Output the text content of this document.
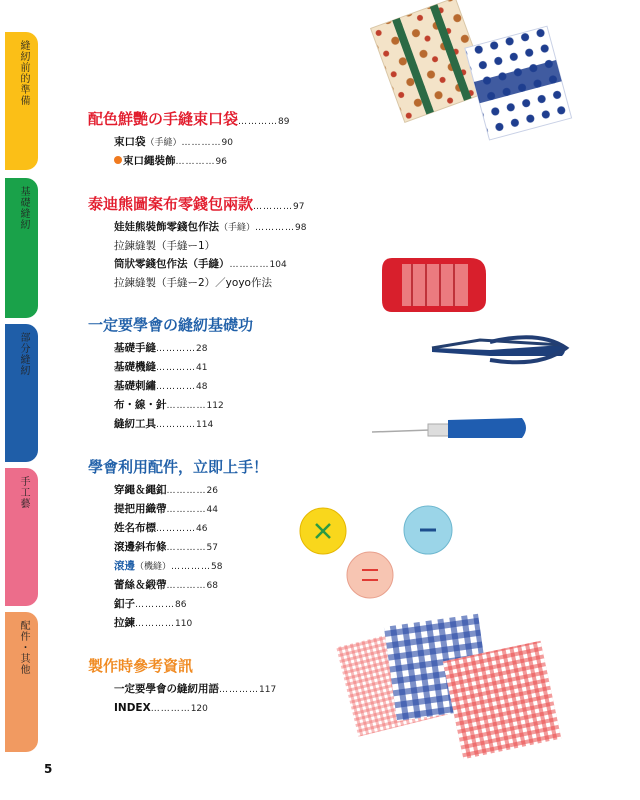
縫紉前的準備
基礎縫紉
部分縫紉
手工藝
配件・其他
5
配色鮮艷の手縫束口袋…………89
束口袋（手縫）…………90
束口繩裝飾…………96
泰迪熊圖案布零錢包兩款…………97
娃娃熊裝飾零錢包作法（手縫）…………98
拉鍊縫製（手縫ー1）
筒狀零錢包作法（手縫）…………104
拉鍊縫製（手縫ー2）／yoyo作法
一定要學會の縫紉基礎功
基礎手縫…………28
基礎機縫…………41
基礎刺繡…………48
布・線・針…………112
縫紉工具…………114
學會利用配件，立即上手！
穿繩＆繩釦…………26
提把用織帶…………44
姓名布標…………46
滾邊斜布條…………57
滾邊（機縫）…………58
蕾絲＆緞帶…………68
釦子…………86
拉鍊…………110
製作時參考資訊
一定要學會の縫紉用語…………117
INDEX…………120
